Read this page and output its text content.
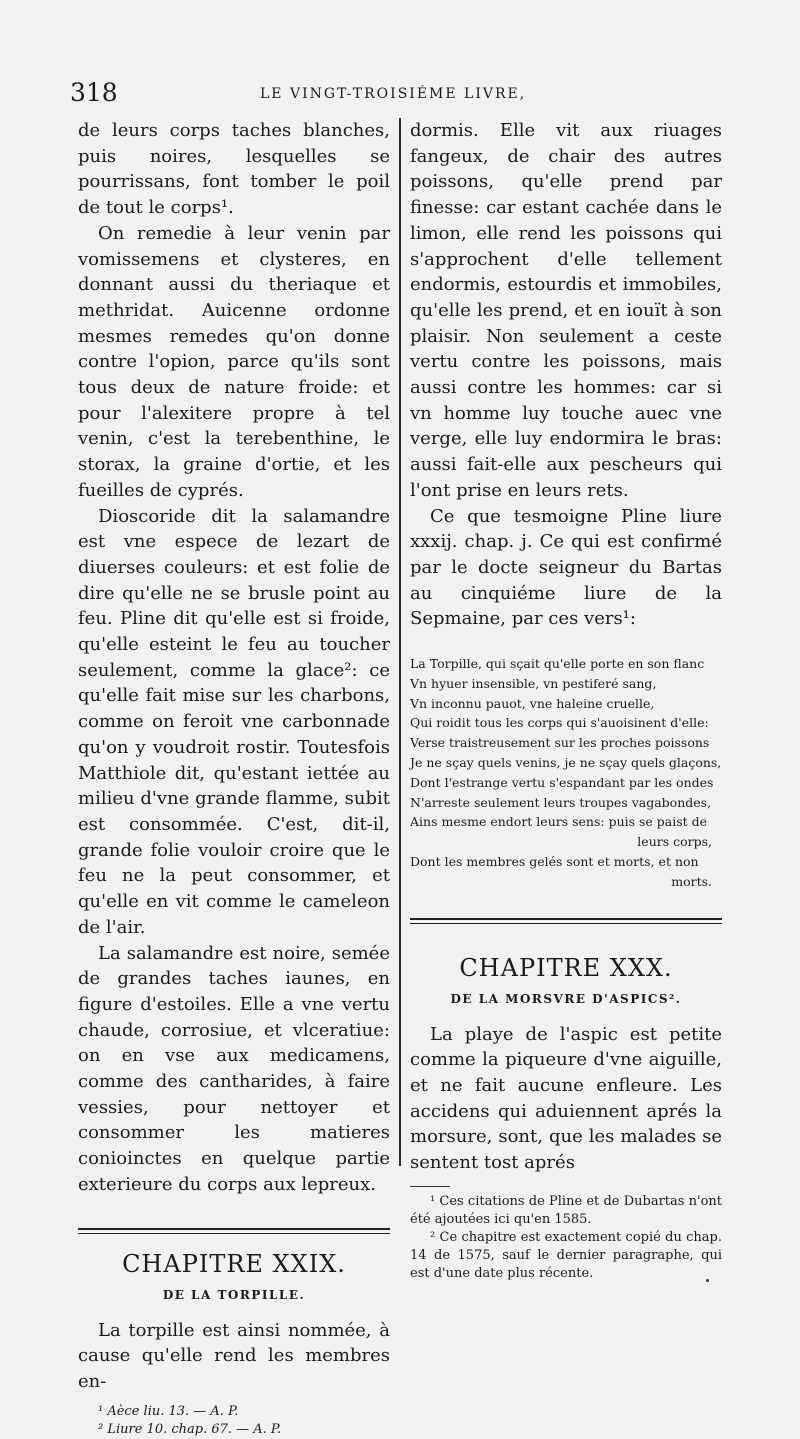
318	LE VINGT-TROISIÉME LIVRE,

de leurs corps taches blanches, puis noires, lesquelles se pourrissans, font tomber le poil de tout le corps¹.

On remedie à leur venin par vomissemens et clysteres, en donnant aussi du theriaque et methridat. Auicenne ordonne mesmes remedes qu'on donne contre l'opion, parce qu'ils sont tous deux de nature froide: et pour l'alexitere propre à tel venin, c'est la terebenthine, le storax, la graine d'ortie, et les fueilles de cyprés.

Dioscoride dit la salamandre est vne espece de lezart de diuerses couleurs: et est folie de dire qu'elle ne se brusle point au feu. Pline dit qu'elle est si froide, qu'elle esteint le feu au toucher seulement, comme la glace²: ce qu'elle fait mise sur les charbons, comme on feroit vne carbonnade qu'on y voudroit rostir. Toutesfois Matthiole dit, qu'estant iettée au milieu d'vne grande flamme, subit est consommée. C'est, dit-il, grande folie vouloir croire que le feu ne la peut consommer, et qu'elle en vit comme le cameleon de l'air.

La salamandre est noire, semée de grandes taches iaunes, en figure d'estoiles. Elle a vne vertu chaude, corrosiue, et vlceratiue: on en vse aux medicamens, comme des cantharides, à faire vessies, pour nettoyer et consommer les matieres conioinctes en quelque partie exterieure du corps aux lepreux.

CHAPITRE XXIX.
DE LA TORPILLE.

La torpille est ainsi nommée, à cause qu'elle rend les membres en-

¹ Aèce liu. 13. — A. P.

² Liure 10. chap. 67. — A. P.

dormis. Elle vit aux riuages fangeux, de chair des autres poissons, qu'elle prend par finesse: car estant cachée dans le limon, elle rend les poissons qui s'approchent d'elle tellement endormis, estourdis et immobiles, qu'elle les prend, et en iouït à son plaisir. Non seulement a ceste vertu contre les poissons, mais aussi contre les hommes: car si vn homme luy touche auec vne verge, elle luy endormira le bras: aussi fait-elle aux pescheurs qui l'ont prise en leurs rets.

Ce que tesmoigne Pline liure xxxij. chap. j. Ce qui est confirmé par le docte seigneur du Bartas au cinquiéme liure de la Sepmaine, par ces vers¹:

La Torpille, qui sçait qu'elle porte en son flanc
Vn hyuer insensible, vn pestiferé sang,
Vn inconnu pauot, vne haleine cruelle,
Qui roidit tous les corps qui s'auoisinent d'elle:
Verse traistreusement sur les proches poissons
Je ne sçay quels venins, je ne sçay quels glaçons,
Dont l'estrange vertu s'espandant par les ondes
N'arreste seulement leurs troupes vagabondes,
Ains mesme endort leurs sens: puis se paist de
leurs corps,
Dont les membres gelés sont et morts, et non
morts.
CHAPITRE XXX.
DE LA MORSVRE D'ASPICS².

La playe de l'aspic est petite comme la piqueure d'vne aiguille, et ne fait aucune enfleure. Les accidens qui aduiennent aprés la morsure, sont, que les malades se sentent tost aprés

¹ Ces citations de Pline et de Dubartas n'ont été ajoutées ici qu'en 1585.

² Ce chapitre est exactement copié du chap. 14 de 1575, sauf le dernier paragraphe, qui est d'une date plus récente.
